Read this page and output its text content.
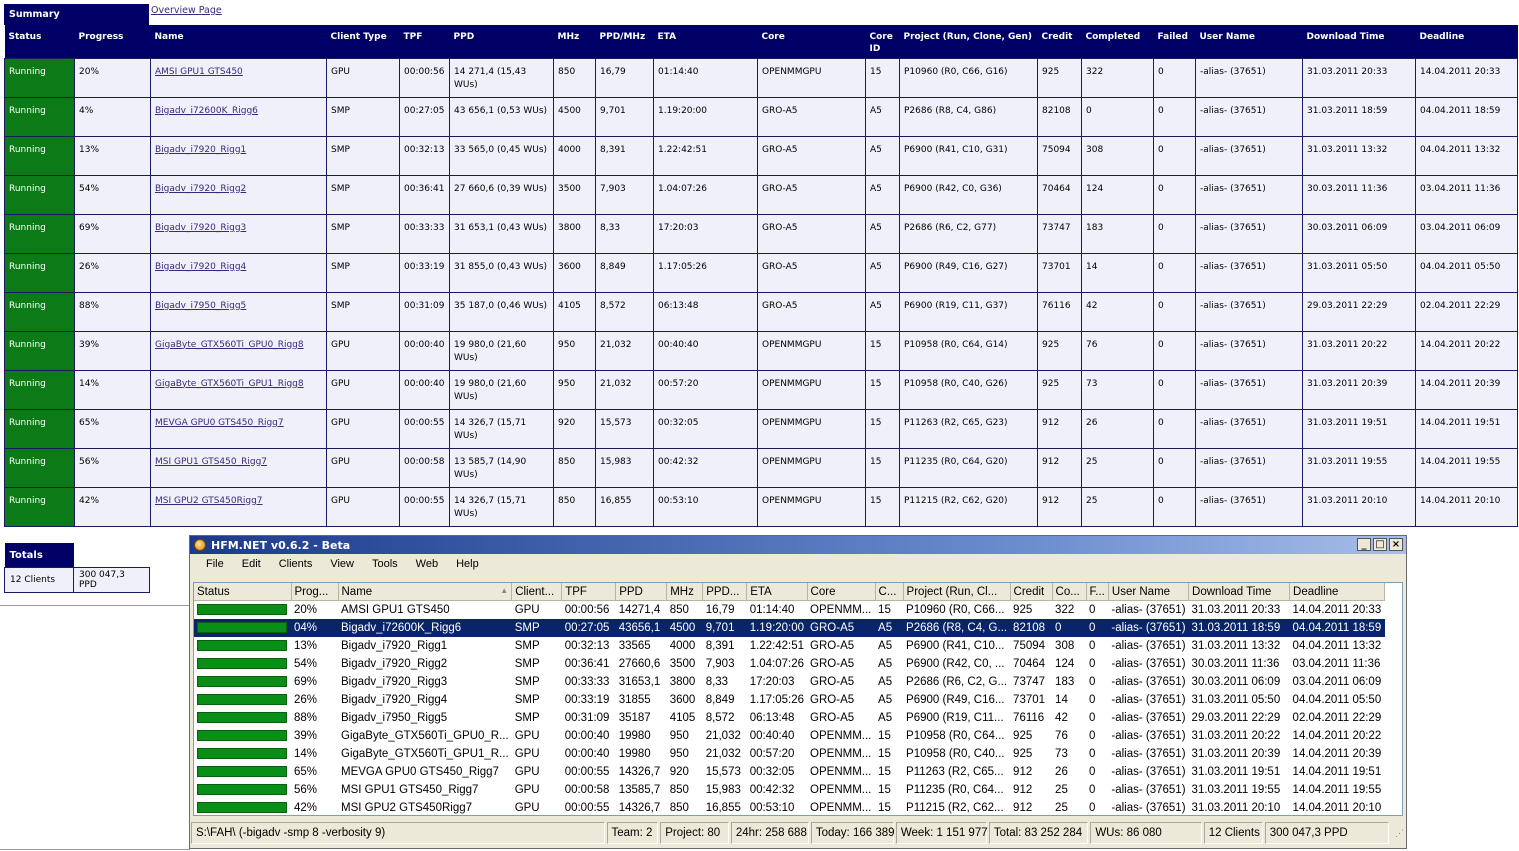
Summary	Overview Page
Status	Progress	Name	Client Type	TPF	PPD	MHz	PPD/MHz	ETA	Core	Core ID	Project (Run, Clone, Gen)	Credit	Completed	Failed	User Name	Download Time	Deadline
Running	20%	AMSI GPU1 GTS450	GPU	00:00:56	14 271,4 (15,43 WUs)	850	16,79	01:14:40	OPENMMGPU	15	P10960 (R0, C66, G16)	925	322	0	-alias- (37651)	31.03.2011 20:33	14.04.2011 20:33
Running	4%	Bigadv_i72600K_Rigg6	SMP	00:27:05	43 656,1 (0,53 WUs)	4500	9,701	1.19:20:00	GRO-A5	A5	P2686 (R8, C4, G86)	82108	0	0	-alias- (37651)	31.03.2011 18:59	04.04.2011 18:59
Running	13%	Bigadv_i7920_Rigg1	SMP	00:32:13	33 565,0 (0,45 WUs)	4000	8,391	1.22:42:51	GRO-A5	A5	P6900 (R41, C10, G31)	75094	308	0	-alias- (37651)	31.03.2011 13:32	04.04.2011 13:32
Running	54%	Bigadv_i7920_Rigg2	SMP	00:36:41	27 660,6 (0,39 WUs)	3500	7,903	1.04:07:26	GRO-A5	A5	P6900 (R42, C0, G36)	70464	124	0	-alias- (37651)	30.03.2011 11:36	03.04.2011 11:36
Running	69%	Bigadv_i7920_Rigg3	SMP	00:33:33	31 653,1 (0,43 WUs)	3800	8,33	17:20:03	GRO-A5	A5	P2686 (R6, C2, G77)	73747	183	0	-alias- (37651)	30.03.2011 06:09	03.04.2011 06:09
Running	26%	Bigadv_i7920_Rigg4	SMP	00:33:19	31 855,0 (0,43 WUs)	3600	8,849	1.17:05:26	GRO-A5	A5	P6900 (R49, C16, G27)	73701	14	0	-alias- (37651)	31.03.2011 05:50	04.04.2011 05:50
Running	88%	Bigadv_i7950_Rigg5	SMP	00:31:09	35 187,0 (0,46 WUs)	4105	8,572	06:13:48	GRO-A5	A5	P6900 (R19, C11, G37)	76116	42	0	-alias- (37651)	29.03.2011 22:29	02.04.2011 22:29
Running	39%	GigaByte_GTX560Ti_GPU0_Rigg8	GPU	00:00:40	19 980,0 (21,60 WUs)	950	21,032	00:40:40	OPENMMGPU	15	P10958 (R0, C64, G14)	925	76	0	-alias- (37651)	31.03.2011 20:22	14.04.2011 20:22
Running	14%	GigaByte_GTX560Ti_GPU1_Rigg8	GPU	00:00:40	19 980,0 (21,60 WUs)	950	21,032	00:57:20	OPENMMGPU	15	P10958 (R0, C40, G26)	925	73	0	-alias- (37651)	31.03.2011 20:39	14.04.2011 20:39
Running	65%	MEVGA GPU0 GTS450_Rigg7	GPU	00:00:55	14 326,7 (15,71 WUs)	920	15,573	00:32:05	OPENMMGPU	15	P11263 (R2, C65, G23)	912	26	0	-alias- (37651)	31.03.2011 19:51	14.04.2011 19:51
Running	56%	MSI GPU1 GTS450_Rigg7	GPU	00:00:58	13 585,7 (14,90 WUs)	850	15,983	00:42:32	OPENMMGPU	15	P11235 (R0, C64, G20)	912	25	0	-alias- (37651)	31.03.2011 19:55	14.04.2011 19:55
Running	42%	MSI GPU2 GTS450Rigg7	GPU	00:00:55	14 326,7 (15,71 WUs)	850	16,855	00:53:10	OPENMMGPU	15	P11215 (R2, C62, G20)	912	25	0	-alias- (37651)	31.03.2011 20:10	14.04.2011 20:10
Totals	
12 Clients	300 047,3 PPD
HFM.NET v0.6.2 - Beta	_ □ ×
File	Edit	Clients	View	Tools	Web	Help
Status	Prog...	Name ▲	Client...	TPF	PPD	MHz	PPD...	ETA	Core	C...	Project (Run, Cl...	Credit	Co...	F...	User Name	Download Time	Deadline
	20%	AMSI GPU1 GTS450	GPU	00:00:56	14271,4	850	16,79	01:14:40	OPENMM...	15	P10960 (R0, C66...	925	322	0	-alias- (37651)	31.03.2011 20:33	14.04.2011 20:33
	04%	Bigadv_i72600K_Rigg6	SMP	00:27:05	43656,1	4500	9,701	1.19:20:00	GRO-A5	A5	P2686 (R8, C4, G...	82108	0	0	-alias- (37651)	31.03.2011 18:59	04.04.2011 18:59
	13%	Bigadv_i7920_Rigg1	SMP	00:32:13	33565	4000	8,391	1.22:42:51	GRO-A5	A5	P6900 (R41, C10...	75094	308	0	-alias- (37651)	31.03.2011 13:32	04.04.2011 13:32
	54%	Bigadv_i7920_Rigg2	SMP	00:36:41	27660,6	3500	7,903	1.04:07:26	GRO-A5	A5	P6900 (R42, C0, ...	70464	124	0	-alias- (37651)	30.03.2011 11:36	03.04.2011 11:36
	69%	Bigadv_i7920_Rigg3	SMP	00:33:33	31653,1	3800	8,33	17:20:03	GRO-A5	A5	P2686 (R6, C2, G...	73747	183	0	-alias- (37651)	30.03.2011 06:09	03.04.2011 06:09
	26%	Bigadv_i7920_Rigg4	SMP	00:33:19	31855	3600	8,849	1.17:05:26	GRO-A5	A5	P6900 (R49, C16...	73701	14	0	-alias- (37651)	31.03.2011 05:50	04.04.2011 05:50
	88%	Bigadv_i7950_Rigg5	SMP	00:31:09	35187	4105	8,572	06:13:48	GRO-A5	A5	P6900 (R19, C11...	76116	42	0	-alias- (37651)	29.03.2011 22:29	02.04.2011 22:29
	39%	GigaByte_GTX560Ti_GPU0_R...	GPU	00:00:40	19980	950	21,032	00:40:40	OPENMM...	15	P10958 (R0, C64...	925	76	0	-alias- (37651)	31.03.2011 20:22	14.04.2011 20:22
	14%	GigaByte_GTX560Ti_GPU1_R...	GPU	00:00:40	19980	950	21,032	00:57:20	OPENMM...	15	P10958 (R0, C40...	925	73	0	-alias- (37651)	31.03.2011 20:39	14.04.2011 20:39
	65%	MEVGA GPU0 GTS450_Rigg7	GPU	00:00:55	14326,7	920	15,573	00:32:05	OPENMM...	15	P11263 (R2, C65...	912	26	0	-alias- (37651)	31.03.2011 19:51	14.04.2011 19:51
	56%	MSI GPU1 GTS450_Rigg7	GPU	00:00:58	13585,7	850	15,983	00:42:32	OPENMM...	15	P11235 (R0, C64...	912	25	0	-alias- (37651)	31.03.2011 19:55	14.04.2011 19:55
	42%	MSI GPU2 GTS450Rigg7	GPU	00:00:55	14326,7	850	16,855	00:53:10	OPENMM...	15	P11215 (R2, C62...	912	25	0	-alias- (37651)	31.03.2011 20:10	14.04.2011 20:10
S:\FAH\ (-bigadv -smp 8 -verbosity 9)	Team: 2	Project: 80	24hr: 258 688 Today: 166 389 Week: 1 151 977 Total: 83 252 284	WUs: 86 080	12 Clients 300 047,3 PPD	⋰
